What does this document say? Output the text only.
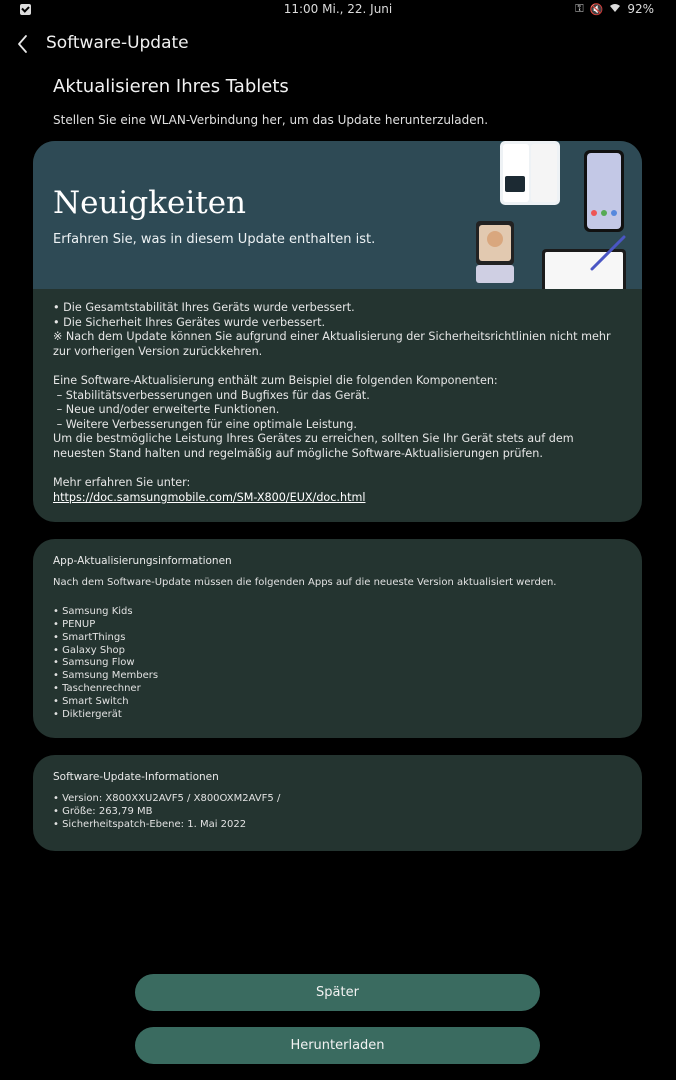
11:00 Mi., 22. Juni	⚿ 🔇 92%
Software-Update
Aktualisieren Ihres Tablets
Stellen Sie eine WLAN-Verbindung her, um das Update herunterzuladen.
Neuigkeiten
Erfahren Sie, was in diesem Update enthalten ist.
• Die Gesamtstabilität Ihres Geräts wurde verbessert.
• Die Sicherheit Ihres Gerätes wurde verbessert.
※ Nach dem Update können Sie aufgrund einer Aktualisierung der Sicherheitsrichtlinien nicht mehr zur vorherigen Version zurückkehren.

Eine Software-Aktualisierung enthält zum Beispiel die folgenden Komponenten:
– Stabilitätsverbesserungen und Bugfixes für das Gerät.
– Neue und/oder erweiterte Funktionen.
– Weitere Verbesserungen für eine optimale Leistung.
Um die bestmögliche Leistung Ihres Gerätes zu erreichen, sollten Sie Ihr Gerät stets auf dem neuesten Stand halten und regelmäßig auf mögliche Software-Aktualisierungen prüfen.

Mehr erfahren Sie unter:
https://doc.samsungmobile.com/SM-X800/EUX/doc.html
App-Aktualisierungsinformationen
Nach dem Software-Update müssen die folgenden Apps auf die neueste Version aktualisiert werden.
• Samsung Kids
• PENUP
• SmartThings
• Galaxy Shop
• Samsung Flow
• Samsung Members
• Taschenrechner
• Smart Switch
• Diktiergerät
Software-Update-Informationen
• Version: X800XXU2AVF5 / X800OXM2AVF5 /
• Größe: 263,79 MB
• Sicherheitspatch-Ebene: 1. Mai 2022
Später
Herunterladen
